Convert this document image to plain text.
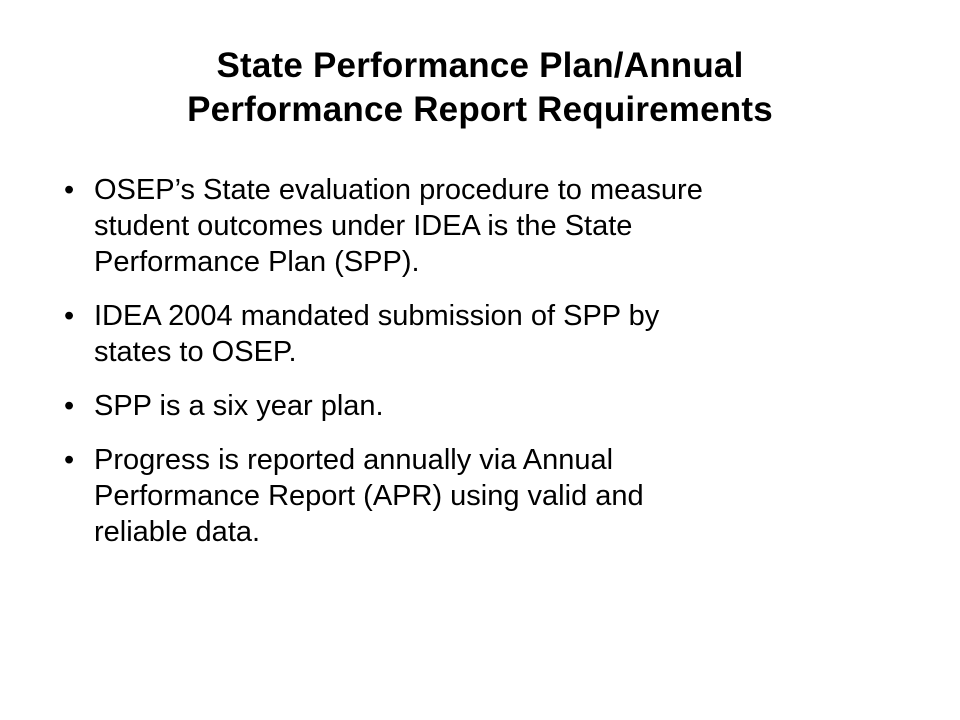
State Performance Plan/Annual
Performance Report Requirements
• OSEP’s State evaluation procedure to measure
student outcomes under IDEA is the State
Performance Plan (SPP).
• IDEA 2004 mandated submission of SPP by
states to OSEP.
• SPP is a six year plan.
• Progress is reported annually via Annual
Performance Report (APR) using valid and
reliable data.
